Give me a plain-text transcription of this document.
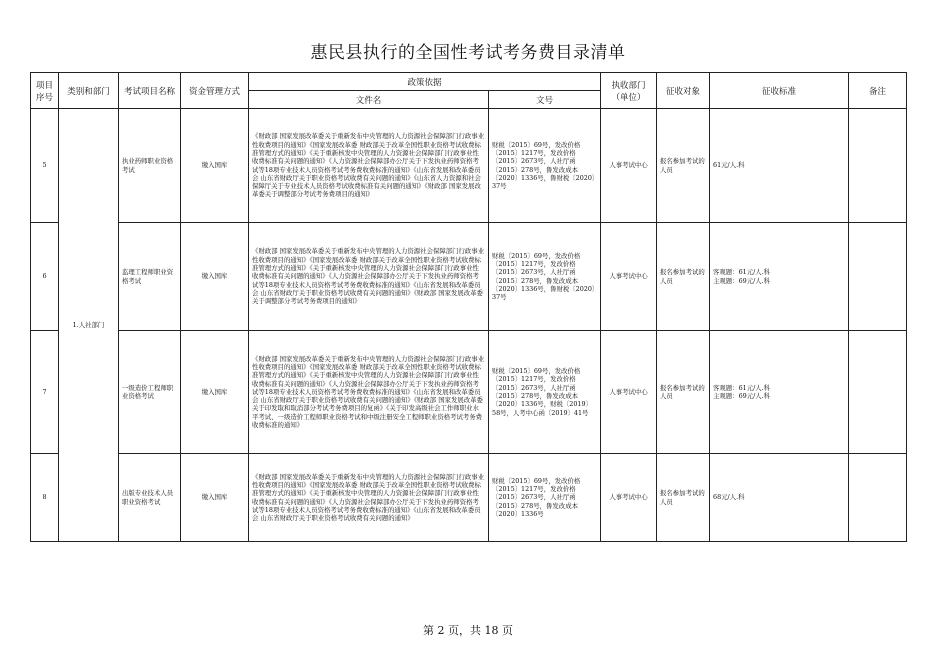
惠民县执行的全国性考试考务费目录清单
项目序号	类别和部门	考试项目名称	资金管理方式	政策依据		执收部门（单位）	征收对象	征收标准	备注
				文件名	文号				
5	1.人社部门	执业药师职业资格考试	缴入国库	《财政部 国家发展改革委关于重新发布中央管理的人力资源社会保障部门行政事业性收费项目的通知》《国家发展改革委 财政部关于改革全国性职业资格考试收费标准管理方式的通知》《关于重新核发中央管理的人力资源社会保障部门行政事业性收费标准有关问题的通知》《人力资源社会保障部办公厅关于下发执业药师资格考试等18项专业技术人员资格考试考务费收费标准的通知》《山东省发展和改革委员会 山东省财政厅关于职业资格考试收费有关问题的通知》《山东省人力资源和社会保障厅关于专业技术人员资格考试收费标准有关问题的通知》《财政部 国家发展改革委关于调整部分考试考务费项目的通知》	财税〔2015〕69号，发改价格〔2015〕1217号，发改价格〔2015〕2673号，人社厅函〔2015〕278号，鲁发改成本〔2020〕1336号，鲁财税〔2020〕37号	人事考试中心	报名参加考试的人员	61元/人.科	
6		监理工程师职业资格考试	缴入国库	《财政部 国家发展改革委关于重新发布中央管理的人力资源社会保障部门行政事业性收费项目的通知》《国家发展改革委 财政部关于改革全国性职业资格考试收费标准管理方式的通知》《关于重新核发中央管理的人力资源社会保障部门行政事业性收费标准有关问题的通知》《人力资源社会保障部办公厅关于下发执业药师资格考试等18项专业技术人员资格考试考务费收费标准的通知》《山东省发展和改革委员会 山东省财政厅关于职业资格考试收费有关问题的通知》《财政部 国家发展改革委关于调整部分考试考务费项目的通知》	财税〔2015〕69号，发改价格〔2015〕1217号，发改价格〔2015〕2673号，人社厅函〔2015〕278号，鲁发改成本〔2020〕1336号，鲁财税〔2020〕37号	人事考试中心	报名参加考试的人员	客观题：61元/人.科
主观题：69元/人.科	
7		一级造价工程师职业资格考试	缴入国库	《财政部 国家发展改革委关于重新发布中央管理的人力资源社会保障部门行政事业性收费项目的通知》《国家发展改革委 财政部关于改革全国性职业资格考试收费标准管理方式的通知》《关于重新核发中央管理的人力资源社会保障部门行政事业性收费标准有关问题的通知》《人力资源社会保障部办公厅关于下发执业药师资格考试等18项专业技术人员资格考试考务费收费标准的通知》《山东省发展和改革委员会 山东省财政厅关于职业资格考试收费有关问题的通知》《财政部 国家发展改革委关于印发取和取消部分考试考务费项目的复函》《关于印发高级社会工作师职业水平考试、一级造价工程师职业资格考试和中级注册安全工程师职业资格考试考务费收费标准的通知》	财税〔2015〕69号，发改价格〔2015〕1217号，发改价格〔2015〕2673号，人社厅函〔2015〕278号，鲁发改成本〔2020〕1336号，财税〔2019〕58号，人考中心函〔2019〕41号	人事考试中心	报名参加考试的人员	客观题：61元/人.科
主观题：69元/人.科	
8		出版专业技术人员职业资格考试	缴入国库	《财政部 国家发展改革委关于重新发布中央管理的人力资源社会保障部门行政事业性收费项目的通知》《国家发展改革委 财政部关于改革全国性职业资格考试收费标准管理方式的通知》《关于重新核发中央管理的人力资源社会保障部门行政事业性收费标准有关问题的通知》《人力资源社会保障部办公厅关于下发执业药师资格考试等18项专业技术人员资格考试考务费收费标准的通知》《山东省发展和改革委员会 山东省财政厅关于职业资格考试收费有关问题的通知》	财税〔2015〕69号，发改价格〔2015〕1217号，发改价格〔2015〕2673号，人社厅函〔2015〕278号，鲁发改成本〔2020〕1336号	人事考试中心	报名参加考试的人员	68元/人.科	
第 2 页，共 18 页
